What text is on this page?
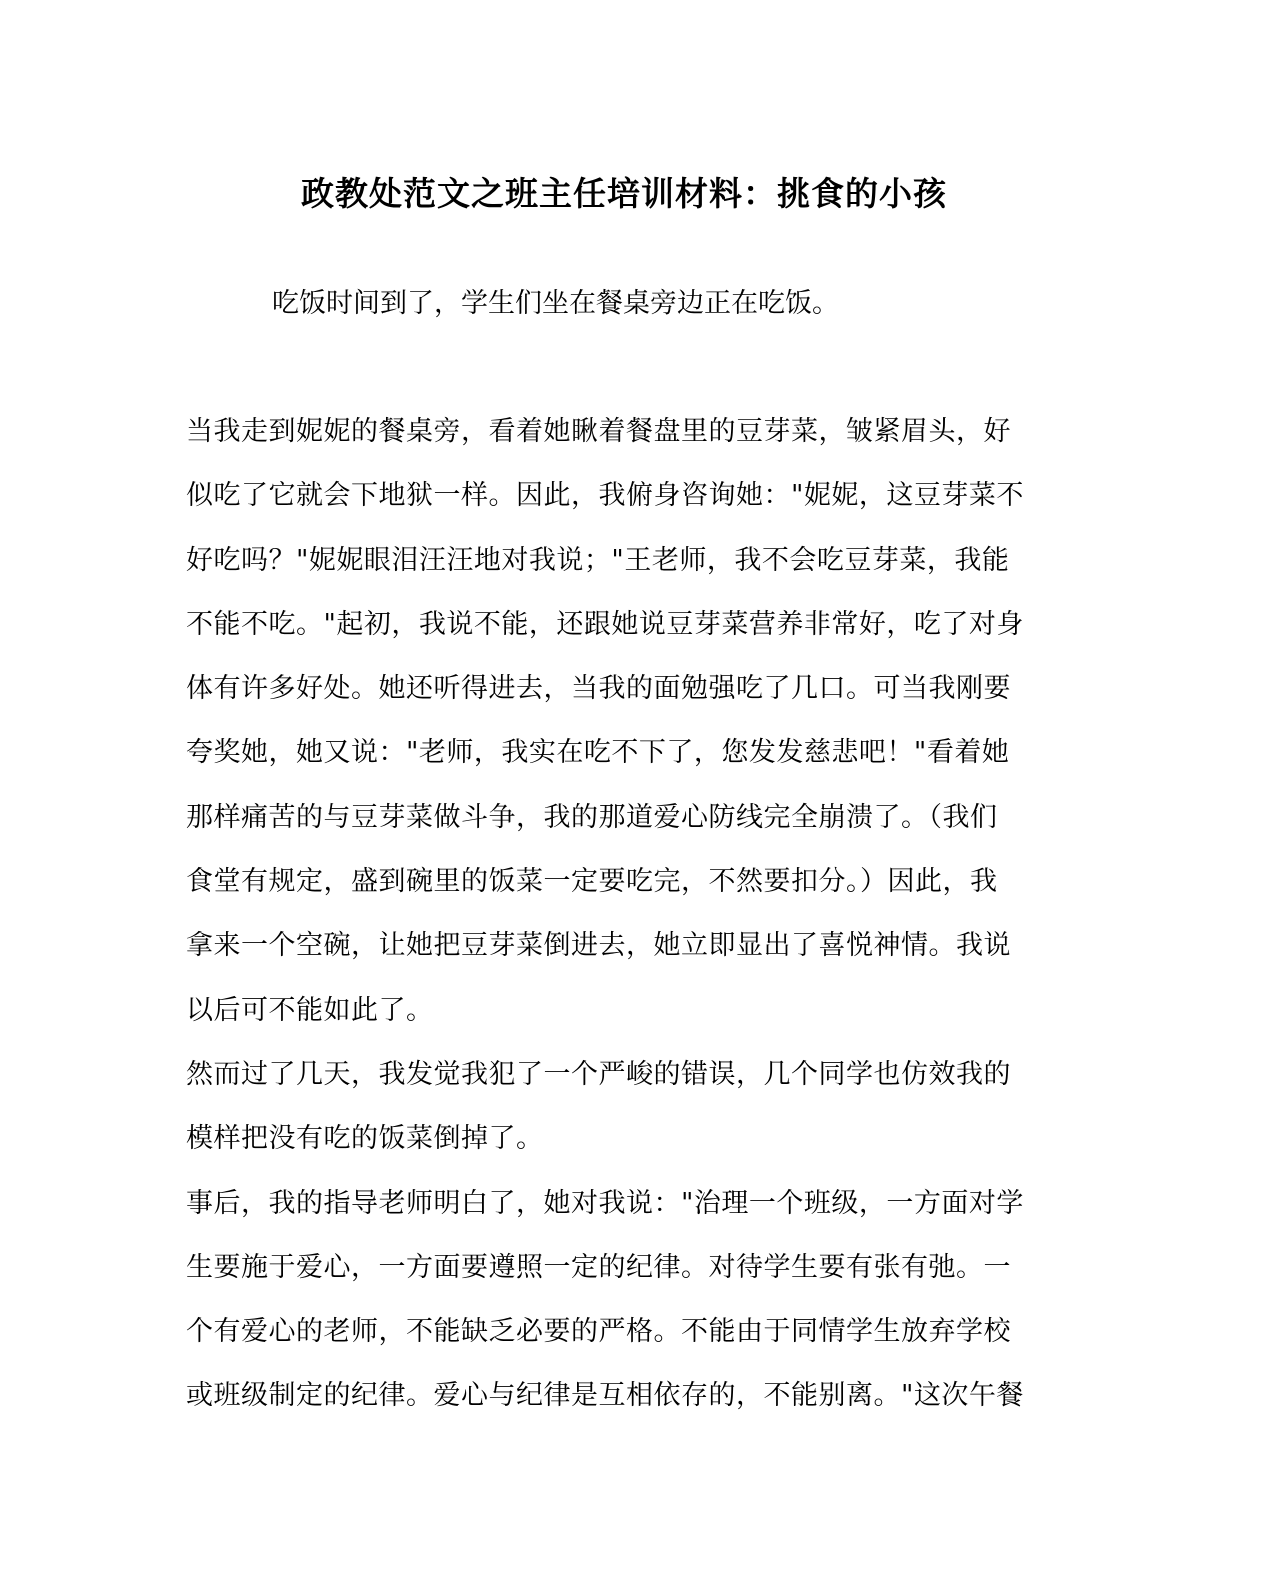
政教处范文之班主任培训材料：挑食的小孩
吃饭时间到了，学生们坐在餐桌旁边正在吃饭。
当我走到妮妮的餐桌旁，看着她瞅着餐盘里的豆芽菜，皱紧眉头，好
似吃了它就会下地狱一样。因此，我俯身咨询她："妮妮，这豆芽菜不
好吃吗？"妮妮眼泪汪汪地对我说；"王老师，我不会吃豆芽菜，我能
不能不吃。"起初，我说不能，还跟她说豆芽菜营养非常好，吃了对身
体有许多好处。她还听得进去，当我的面勉强吃了几口。可当我刚要
夸奖她，她又说："老师，我实在吃不下了，您发发慈悲吧！"看着她
那样痛苦的与豆芽菜做斗争，我的那道爱心防线完全崩溃了。（我们
食堂有规定，盛到碗里的饭菜一定要吃完，不然要扣分。）因此，我
拿来一个空碗，让她把豆芽菜倒进去，她立即显出了喜悦神情。我说
以后可不能如此了。
然而过了几天，我发觉我犯了一个严峻的错误，几个同学也仿效我的
模样把没有吃的饭菜倒掉了。
事后，我的指导老师明白了，她对我说："治理一个班级，一方面对学
生要施于爱心，一方面要遵照一定的纪律。对待学生要有张有弛。一
个有爱心的老师，不能缺乏必要的严格。不能由于同情学生放弃学校
或班级制定的纪律。爱心与纪律是互相依存的，不能别离。"这次午餐
